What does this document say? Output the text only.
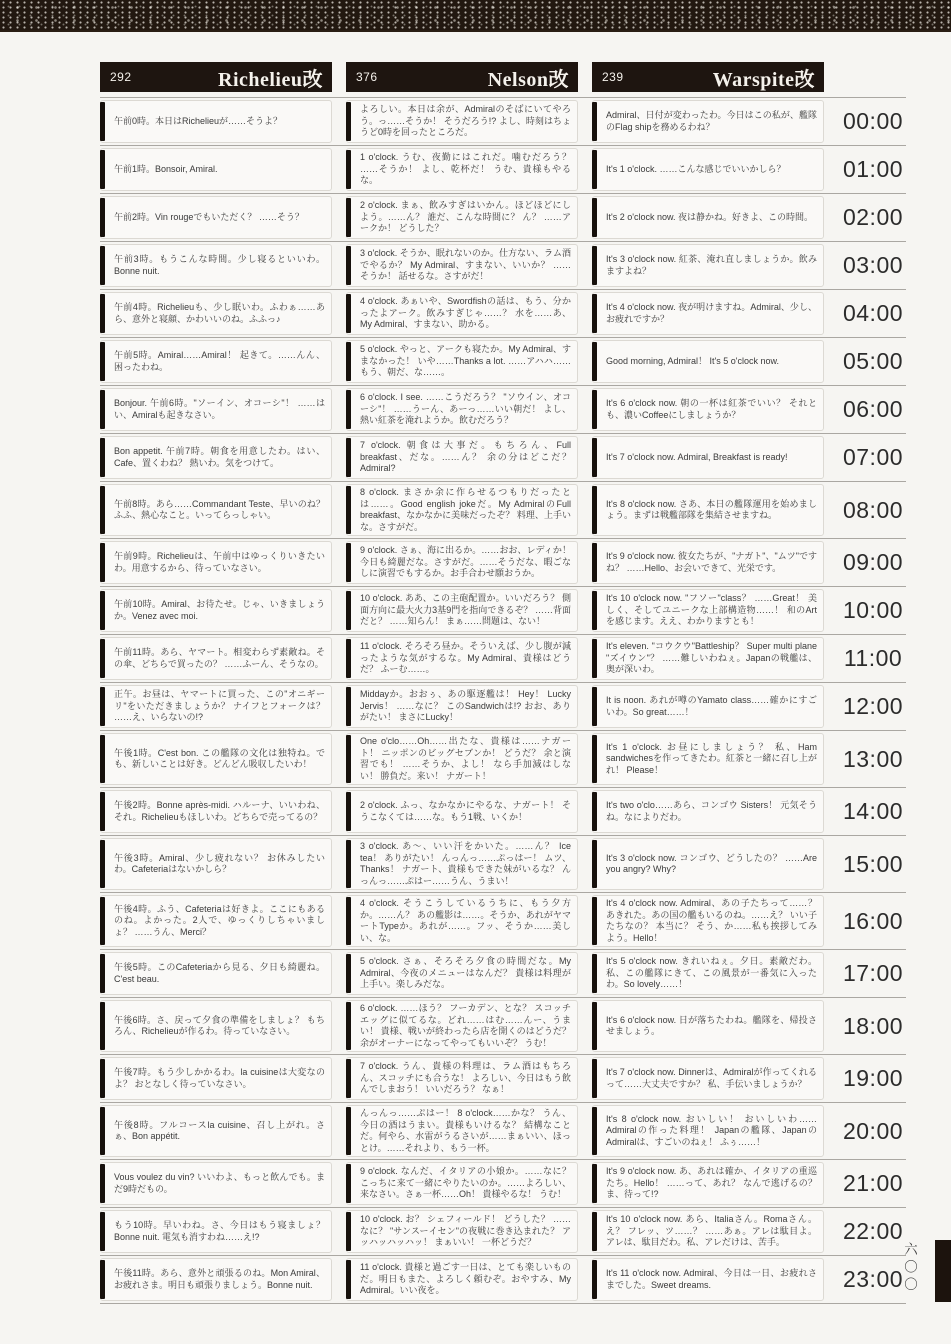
292	Richelieu改	376	Nelson改	239	Warspite改

午前0時。本日はRichelieuが……そうよ？

よろしい。本日は余が、Admiralのそばにいてやろう。っ……そうか！ そうだろう!? よし、時刻はちょうど0時を回ったところだ。

Admiral、日付が変わったわ。今日はこの私が、艦隊のFlag shipを務めるわね？	00:00

午前1時。Bonsoir, Amiral.

1 o'clock. うむ、夜勤にはこれだ。噛むだろう？ ……そうか！ よし、乾杯だ！ うむ、貴様もやるな。

It's 1 o'clock. ……こんな感じでいいかしら？	01:00

午前2時。Vin rougeでもいただく？ ……そう？

2 o'clock. まぁ、飲みすぎはいかん。ほどほどにしよう。……ん？ 誰だ、こんな時間に？ ん？ ……アークか！ どうした？

It's 2 o'clock now. 夜は静かね。好きよ、この時間。 02:00

午前3時。もうこんな時間。少し寝るといいわ。Bonne nuit.

3 o'clock. そうか、眠れないのか。仕方ない、ラム酒でやるか？ My Admiral、すまない、いいか？ ……そうか！ 話せるな。さすがだ！

It's 3 o'clock now. 紅茶、淹れ直しましょうか。飲みますよね？	03:00

午前4時。Richelieuも、少し眠いわ。ふわぁ……あら、意外と寝顔、かわいいのね。ふふっ♪

4 o'clock. あぁいや、Swordfishの話は、もう、分かったよアーク。飲みすぎじゃ……？ 水を……あ、My Admiral、すまない、助かる。

It's 4 o'clock now. 夜が明けますね。Admiral、少し、お疲れですか？	04:00

午前5時。Amiral……Amiral！ 起きて。……んん、困ったわね。

5 o'clock. やっと、アークも寝たか。My Admiral、すまなかった！ いや……Thanks a lot. ……アハハ……もう、朝だ、な……。

Good morning, Admiral！ It's 5 o'clock now.	05:00

Bonjour. 午前6時。"ソーイン、オコーシ"！ ……はい、Amiralも起きなさい。

6 o'clock. I see. ……こうだろう？ "ソウイン、オコーシ"！ ……うーん、あーっ……いい朝だ！ よし、熱い紅茶を淹れようか。飲むだろう？

It's 6 o'clock now. 朝の一杯は紅茶でいい？ それとも、濃いCoffeeにしましょうか？	06:00

Bon appetit. 午前7時。朝食を用意したわ。はい、Cafe、置くわね？ 熱いわ。気をつけて。

7 o'clock. 朝食は大事だ。もちろん、Full breakfast、だな。……ん？ 余の分はどこだ？ Admiral?

It's 7 o'clock now. Admiral, Breakfast is ready!	07:00

午前8時。あら……Commandant Teste、早いのね？ ふふ、熱心なこと。いってらっしゃい。

8 o'clock. まさか余に作らせるつもりだったとは……。Good english jokeだ。My AdmiralのFull breakfast、なかなかに美味だったぞ？ 料理、上手いな。さすがだ。

It's 8 o'clock now. さあ、本日の艦隊運用を始めましょう。まずは戦艦部隊を集結させますね。	08:00

午前9時。Richelieuは、午前中はゆっくりいきたいわ。用意するから、待っていなさい。

9 o'clock. さぁ、海に出るか。……おお、レディか！ 今日も綺麗だな。さすがだ。……そうだな、暇ごなしに演習でもするか。お手合わせ願おうか。

It's 9 o'clock now. 彼女たちが、"ナガト"、"ムツ"ですね？ ……Hello、お会いできて、光栄です。	09:00

午前10時。Amiral、お待たせ。じゃ、いきましょうか。Venez avec moi.

10 o'clock. ああ、この主砲配置か。いいだろう？ 側面方向に最大火力3基9門を指向できるぞ？ ……背面だと？ ……知らん！ まぁ……問題は、ない！

It's 10 o'clock now. "フソー"class？ ……Great！ 美しく、そしてユニークな上部構造物……！ 和のArtを感じます。ええ、わかりますとも！	10:00

午前11時。あら、ヤマート。相変わらず素敵ね。その傘、どちらで買ったの？ ……ふーん、そうなの。

11 o'clock. そろそろ昼か。そういえば、少し腹が減ったような気がするな。My Admiral、貴様はどうだ？ ふーむ……。

It's eleven. "コウクウ"Battleship？ Super multi plane "ズイウン"？ ……難しいわねぇ。Japanの戦艦は、奥が深いわ。	11:00

正午。お昼は、ヤマートに買った、この"オニギーリ"をいただきましょうか？ ナイフとフォークは？ ……え、いらないの!?

Middayか。おおぅ、あの駆逐艦は！ Hey！ Lucky Jervis！ ……なに？ このSandwichは!? おお、ありがたい！ まさにLucky！

It is noon. あれが噂のYamato class……確かにすごいわ。So great……！	12:00

午後1時。C'est bon. この艦隊の文化は独特ね。でも、新しいことは好き。どんどん吸収したいわ！

One o'clo……Oh……出たな、貴様は……ナガート！ ニッポンのビッグセブンか！ どうだ？ 余と演習でも！ ……そうか、よし！ なら手加減はしない！ 勝負だ。来い！ ナガート！

It's 1 o'clock. お昼にしましょう？ 私、Ham sandwichesを作ってきたわ。紅茶と一緒に召し上がれ！ Please！	13:00

午後2時。Bonne après-midi. ハルーナ、いいわね、それ。Richelieuもほしいわ。どちらで売ってるの？

2 o'clock. ふっ、なかなかにやるな、ナガート！ そうこなくては……な。もう1戦、いくか！

It's two o'clo……あら、コンゴウ Sisters！ 元気そうね。なによりだわ。	14:00

午後3時。Amiral、少し疲れない？ お休みしたいわ。Cafeteriaはないかしら？

3 o'clock. あ〜、いい汗をかいた。……ん？ Ice tea！ ありがたい！ んっんっ……ぷっはー！ ムツ、Thanks！ ナガート、貴様もできた妹がいるな？ んっんっ……ぷはー……うん、うまい！

It's 3 o'clock now. コンゴウ、どうしたの？ ……Are you angry? Why?	15:00

午後4時。ふう、Cafeteriaは好きよ。ここにもあるのね。よかった。2人で、ゆっくりしちゃいましょ？ ……うん、Merci？

4 o'clock. そうこうしているうちに、もう夕方か。……ん？ あの艦影は……。そうか、あれがヤマートTypeか。あれが……。フッ、そうか……美しい、な。

It's 4 o'clock now. Admiral、あの子たちって……？ あきれた。あの国の艦もいるのね。……え？ いい子たちなの？ 本当に？ そう、か……私も挨拶してみよう。Hello！

16:00

午後5時。このCafeteriaから見る、夕日も綺麗ね。C'est beau.

5 o'clock. さぁ、そろそろ夕食の時間だな。My Admiral、今夜のメニューはなんだ？ 貴様は料理が上手い。楽しみだな。

It's 5 o'clock now. きれいねぇ。夕日。素敵だわ。私、この艦隊にきて、この風景が一番気に入ったわ。So lovely……！	17:00

午後6時。さ、戻って夕食の準備をしましょ？ もちろん、Richelieuが作るわ。待っていなさい。

6 o'clock. ……ほう？ フーカデン、とな？ スコッチエッグに似てるな。どれ……はむ……んー、うまい！ 貴様、戦いが終わったら店を開くのはどうだ？ 余がオーナーになってやってもいいぞ？ うむ！

It's 6 o'clock now. 日が落ちたわね。艦隊を、帰投させましょう。	18:00

午後7時。もう少しかかるわ。la cuisineは大変なのよ？ おとなしく待っていなさい。

7 o'clock. うん、貴様の料理は、ラム酒はもちろん、スコッチにも合うな！ よろしい、今日はもう飲んでしまおう！ いいだろう？ なぁ！

It's 7 o'clock now. Dinnerは、Admiralが作ってくれるって……大丈夫ですか？ 私、手伝いましょうか？	19:00

午後8時。フルコースla cuisine、召し上がれ。さぁ、Bon appétit.

んっんっ……ぷはー！ 8 o'clock……かな？ うん、今日の酒はうまい。貴様もいけるな？ 結構なことだ。何やら、水雷がうるさいが……まぁいい、ほっとけ。……それより、もう一杯。

It's 8 o'clock now. おいしい！ おいしいわ……Admiralの作った料理！ Japanの艦隊、JapanのAdmiralは、すごいのねぇ！ ふぅ……！	20:00

Vous voulez du vin? いいわよ、もっと飲んでも。まだ9時だもの。

9 o'clock. なんだ、イタリアの小娘か。……なに？ こっちに来て一緒にやりたいのか。……よろしい、来なさい。さぁ一杯……Oh！ 貴様やるな！ うむ！

It's 9 o'clock now. あ、あれは確か、イタリアの重巡たち。Hello！ ……って、あれ？ なんで逃げるの？ ま、待って!?	21:00

もう10時。早いわね。さ、今日はもう寝ましょ？ Bonne nuit. 電気も消すわね……え!?

10 o'clock. お？ シェフィールド！ どうした？ ……なに？ "サンスーイセン"の夜戦に巻き込まれた？ アッハッハッハッ！ まぁいい！ 一杯どうだ？

It's 10 o'clock now. あら、Italiaさん。Romaさん。え？ フレッ、ツ……？ ……あぁ。アレは駄目よ。アレは、駄目だわ。私、アレだけは、苦手。	22:00

午後11時。あら、意外と頑張るのね。Mon Amiral、お疲れさま。明日も頑張りましょう。Bonne nuit.

11 o'clock. 貴様と過ごす一日は、とても楽しいものだ。明日もまた、よろしく頼むぞ。おやすみ、My Admiral。いい夜を。

It's 11 o'clock now. Admiral、今日は一日、お疲れさまでした。Sweet dreams.	23:00
六〇〇
